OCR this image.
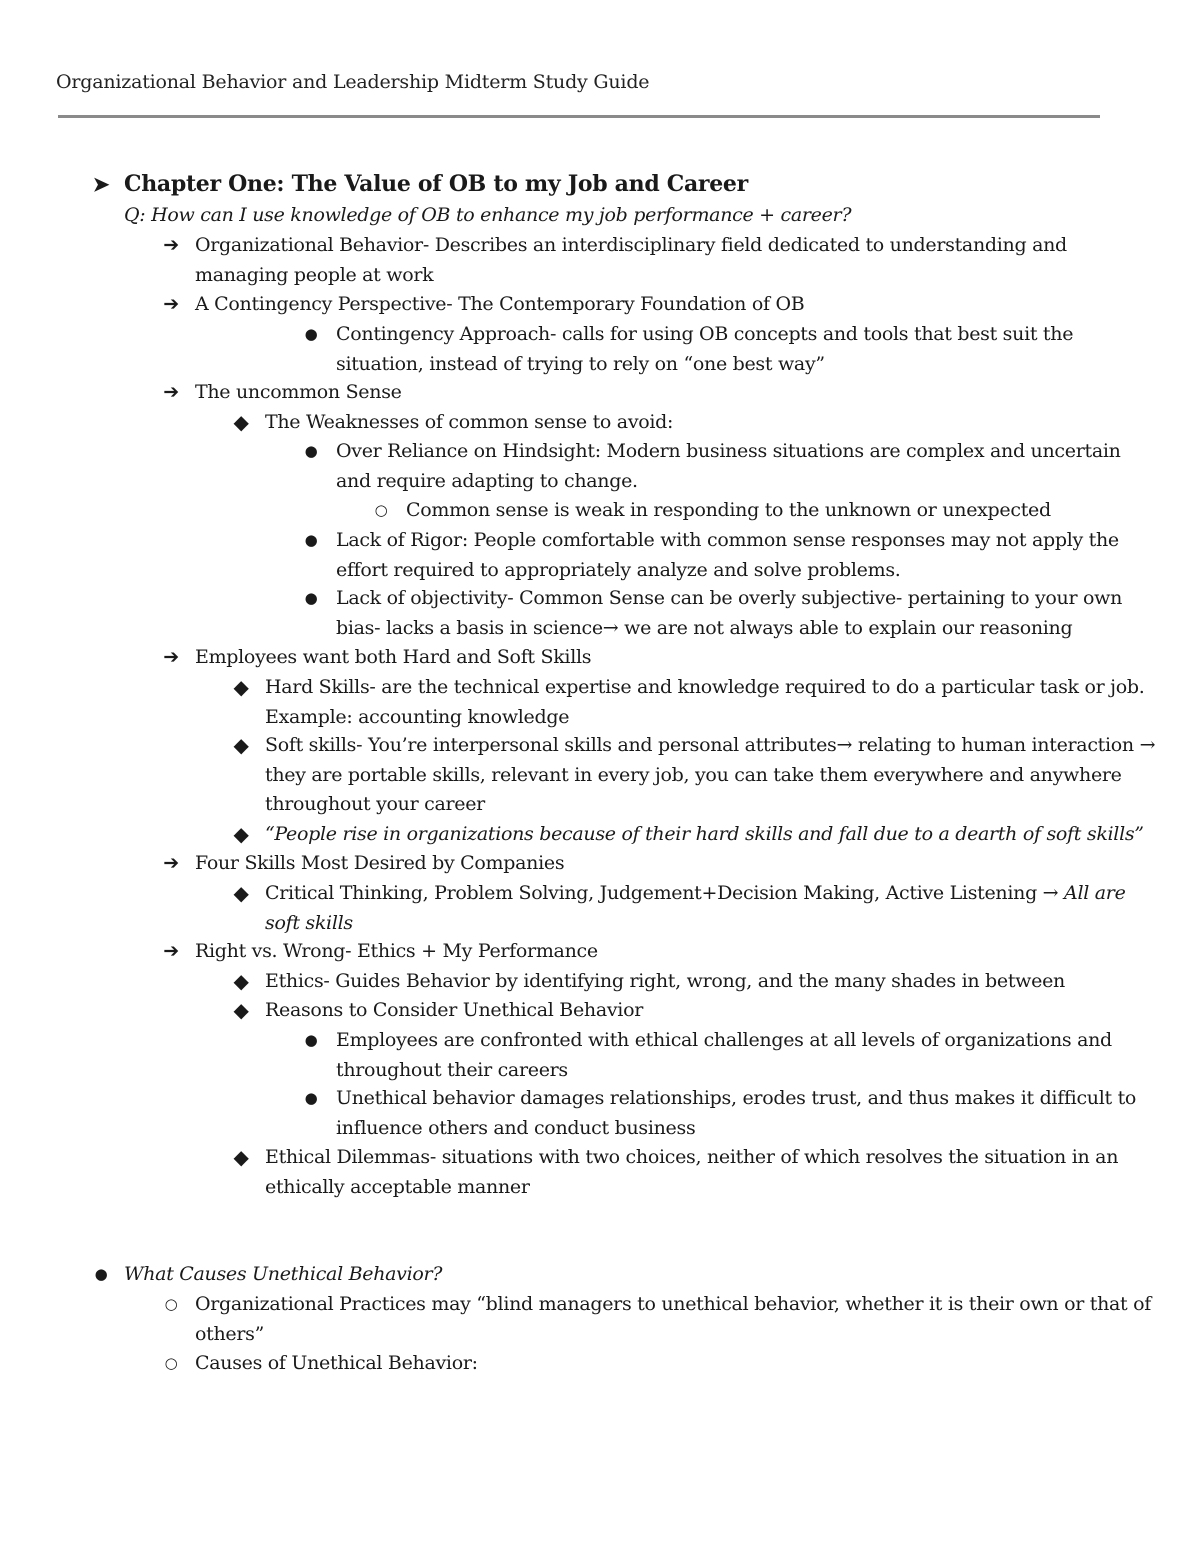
Organizational Behavior and Leadership Midterm Study Guide
➤ Chapter One: The Value of OB to my Job and Career
Q: How can I use knowledge of OB to enhance my job performance + career?
➔ Organizational Behavior- Describes an interdisciplinary field dedicated to understanding and managing people at work
➔ A Contingency Perspective- The Contemporary Foundation of OB
● Contingency Approach- calls for using OB concepts and tools that best suit the situation, instead of trying to rely on “one best way”
➔ The uncommon Sense
◆ The Weaknesses of common sense to avoid:
● Over Reliance on Hindsight: Modern business situations are complex and uncertain and require adapting to change.
○ Common sense is weak in responding to the unknown or unexpected
● Lack of Rigor: People comfortable with common sense responses may not apply the effort required to appropriately analyze and solve problems.
● Lack of objectivity- Common Sense can be overly subjective- pertaining to your own bias- lacks a basis in science→ we are not always able to explain our reasoning
➔ Employees want both Hard and Soft Skills
◆ Hard Skills- are the technical expertise and knowledge required to do a particular task or job. Example: accounting knowledge
◆ Soft skills- You’re interpersonal skills and personal attributes→ relating to human interaction → they are portable skills, relevant in every job, you can take them everywhere and anywhere throughout your career
◆ “People rise in organizations because of their hard skills and fall due to a dearth of soft skills”
➔ Four Skills Most Desired by Companies
◆ Critical Thinking, Problem Solving, Judgement+Decision Making, Active Listening → All are soft skills
➔ Right vs. Wrong- Ethics + My Performance
◆ Ethics- Guides Behavior by identifying right, wrong, and the many shades in between
◆ Reasons to Consider Unethical Behavior
● Employees are confronted with ethical challenges at all levels of organizations and throughout their careers
● Unethical behavior damages relationships, erodes trust, and thus makes it difficult to influence others and conduct business
◆ Ethical Dilemmas- situations with two choices, neither of which resolves the situation in an ethically acceptable manner
● What Causes Unethical Behavior?
○ Organizational Practices may “blind managers to unethical behavior, whether it is their own or that of others”
○ Causes of Unethical Behavior:
